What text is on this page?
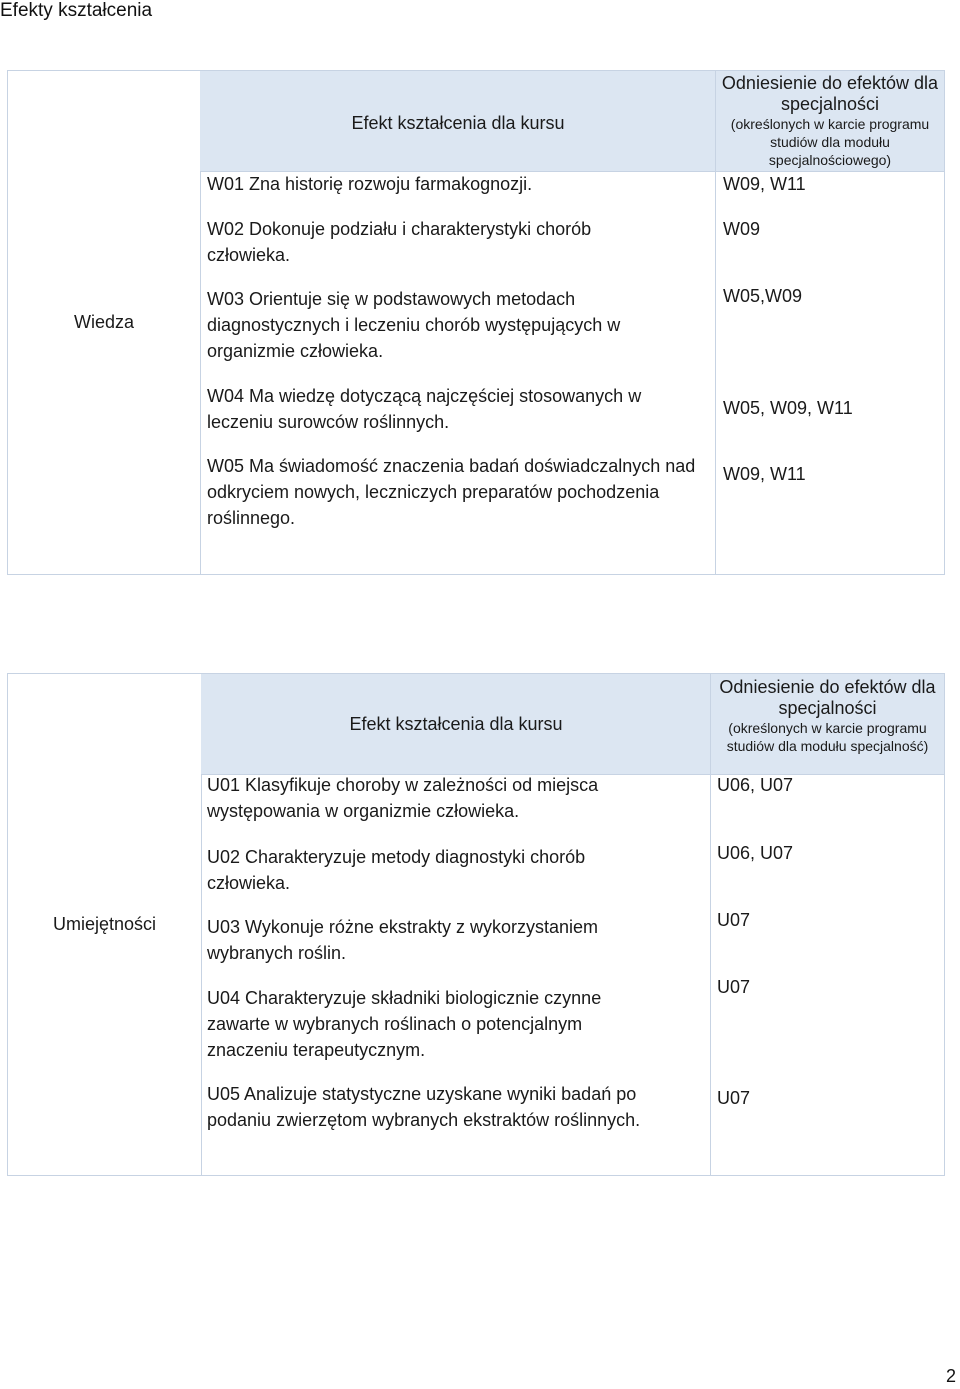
Efekty kształcenia
Wiedza
Efekt kształcenia dla kursu
Odniesienie do efektów dla specjalności
(określonych w karcie programu studiów dla modułu specjalnościowego)
W01 Zna historię rozwoju farmakognozji.	W09, W11
W02 Dokonuje podziału i charakterystyki chorób człowieka.
W09
W03 Orientuje się w podstawowych metodach diagnostycznych i leczeniu chorób występujących w organizmie człowieka.
W05,W09
W04 Ma wiedzę dotyczącą najczęściej stosowanych w leczeniu surowców roślinnych.
W05, W09, W11
W05 Ma świadomość znaczenia badań doświadczalnych nad odkryciem nowych, leczniczych preparatów pochodzenia roślinnego.
W09, W11
Umiejętności
Efekt kształcenia dla kursu
Odniesienie do efektów dla specjalności
(określonych w karcie programu studiów dla modułu specjalność)
U01 Klasyfikuje choroby w zależności od miejsca występowania w organizmie człowieka.
U06, U07
U02 Charakteryzuje metody diagnostyki chorób człowieka.
U06, U07
U03 Wykonuje różne ekstrakty z wykorzystaniem wybranych roślin.
U07
U04 Charakteryzuje składniki biologicznie czynne zawarte w wybranych roślinach o potencjalnym znaczeniu terapeutycznym.
U07
U05 Analizuje statystyczne uzyskane wyniki badań po podaniu zwierzętom wybranych ekstraktów roślinnych.
U07
2
